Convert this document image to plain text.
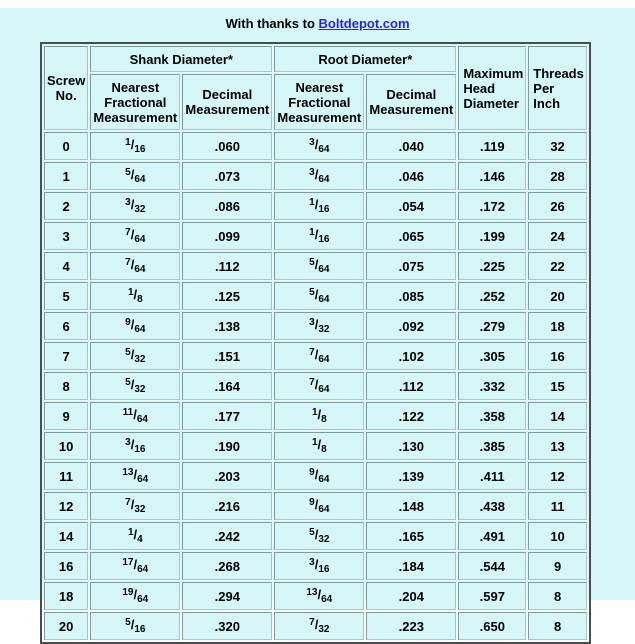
With thanks to Boltdepot.com
Screw No.	Shank Diameter*		Root Diameter*		Maximum Head Diameter	Threads Per Inch
	Nearest Fractional Measurement	Decimal Measurement	Nearest Fractional Measurement	Decimal Measurement		
0	$^1/_{16}$	.060	$^3/_{64}$	.040	.119	32
1	$^5/_{64}$	.073	$^3/_{64}$	.046	.146	28
2	$^3/_{32}$	.086	$^1/_{16}$	.054	.172	26
3	$^7/_{64}$	.099	$^1/_{16}$	.065	.199	24
4	$^7/_{64}$	.112	$^5/_{64}$	.075	.225	22
5	$^1/_8$	.125	$^5/_{64}$	.085	.252	20
6	$^9/_{64}$	.138	$^3/_{32}$	.092	.279	18
7	$^5/_{32}$	.151	$^7/_{64}$	.102	.305	16
8	$^5/_{32}$	.164	$^7/_{64}$	.112	.332	15
9	$^{11}/_{64}$	.177	$^1/_8$	.122	.358	14
10	$^3/_{16}$	.190	$^1/_8$	.130	.385	13
11	$^{13}/_{64}$	.203	$^9/_{64}$	.139	.411	12
12	$^7/_{32}$	.216	$^9/_{64}$	.148	.438	11
14	$^1/_4$	.242	$^5/_{32}$	.165	.491	10
16	$^{17}/_{64}$	.268	$^3/_{16}$	.184	.544	9
18	$^{19}/_{64}$	.294	$^{13}/_{64}$	.204	.597	8
20	$^5/_{16}$	.320	$^7/_{32}$	.223	.650	8
